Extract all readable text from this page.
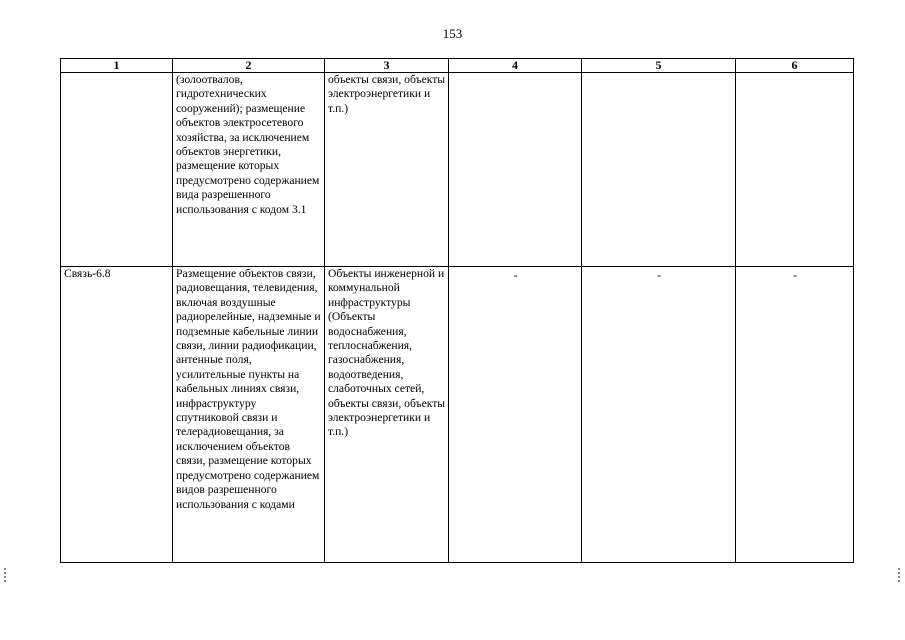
153
1	2	3	4	5	6
	(золоотвалов, гидротехнических сооружений); размещение объектов электросетевого хозяйства, за исключением объектов энергетики, размещение которых предусмотрено содержанием вида разрешенного использования с кодом 3.1	объекты связи, объекты электроэнергетики и т.п.)			
Связь-6.8	Размещение объектов связи, радиовещания, телевидения, включая воздушные радиорелейные, надземные и подземные кабельные линии связи, линии радиофикации, антенные поля, усилительные пункты на кабельных линиях связи, инфраструктуру спутниковой связи и телерадиовещания, за исключением объектов связи, размещение которых предусмотрено содержанием видов разрешенного использования с кодами	Объекты инженерной и коммунальной инфраструктуры (Объекты водоснабжения, теплоснабжения, газоснабжения, водоотведения, слаботочных сетей, объекты связи, объекты электроэнергетики и т.п.)	-	-	-
